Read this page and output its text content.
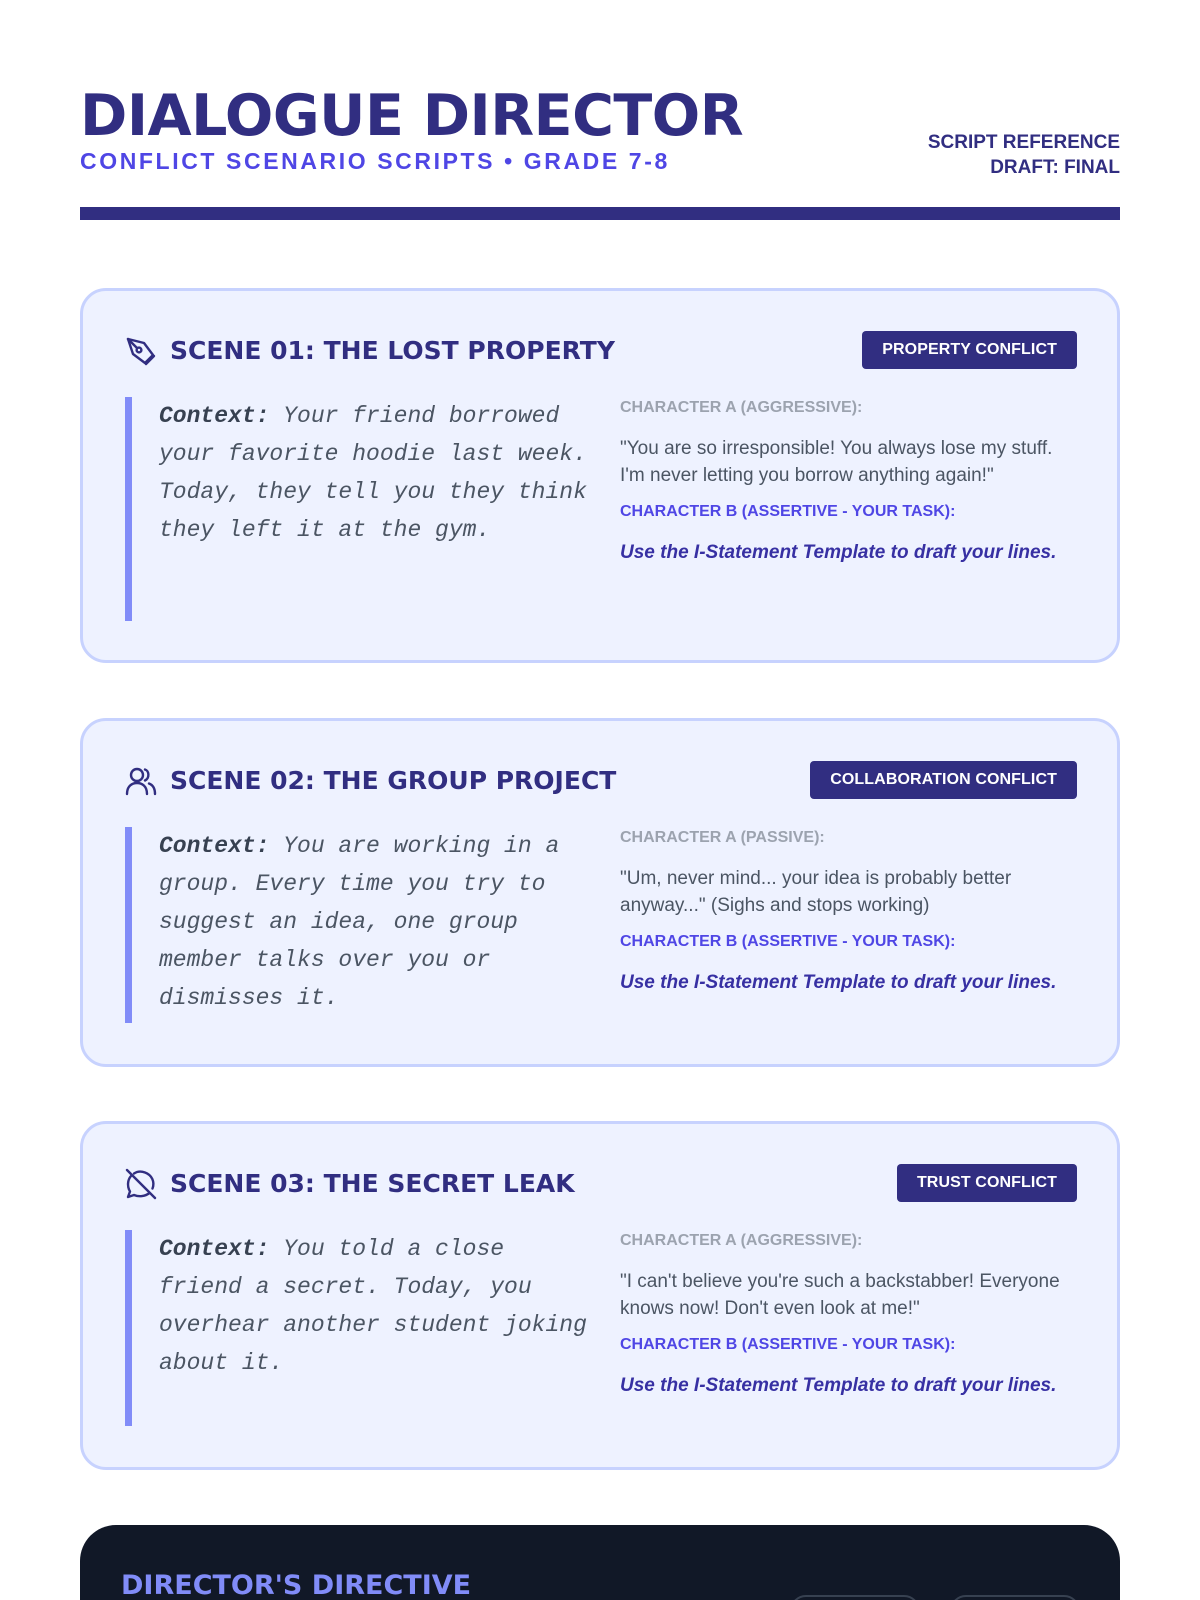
DIALOGUE DIRECTOR	SCRIPT REFERENCE
DRAFT: FINAL
CONFLICT SCENARIO SCRIPTS • GRADE 7-8
SCENE 01: THE LOST PROPERTY	PROPERTY CONFLICT
Context: Your friend borrowed your favorite hoodie last week. Today, they tell you they think they left it at the gym.
CHARACTER A (AGGRESSIVE):
"You are so irresponsible! You always lose my stuff. I'm never letting you borrow anything again!"
CHARACTER B (ASSERTIVE - YOUR TASK):
Use the I-Statement Template to draft your lines.
SCENE 02: THE GROUP PROJECT	COLLABORATION CONFLICT
Context: You are working in a group. Every time you try to suggest an idea, one group member talks over you or dismisses it.
CHARACTER A (PASSIVE):
"Um, never mind... your idea is probably better anyway..." (Sighs and stops working)
CHARACTER B (ASSERTIVE - YOUR TASK):
Use the I-Statement Template to draft your lines.
SCENE 03: THE SECRET LEAK	TRUST CONFLICT
Context: You told a close friend a secret. Today, you overhear another student joking about it.
CHARACTER A (AGGRESSIVE):
"I can't believe you're such a backstabber! Everyone knows now! Don't even look at me!"
CHARACTER B (ASSERTIVE - YOUR TASK):
Use the I-Statement Template to draft your lines.
DIRECTOR'S DIRECTIVE
